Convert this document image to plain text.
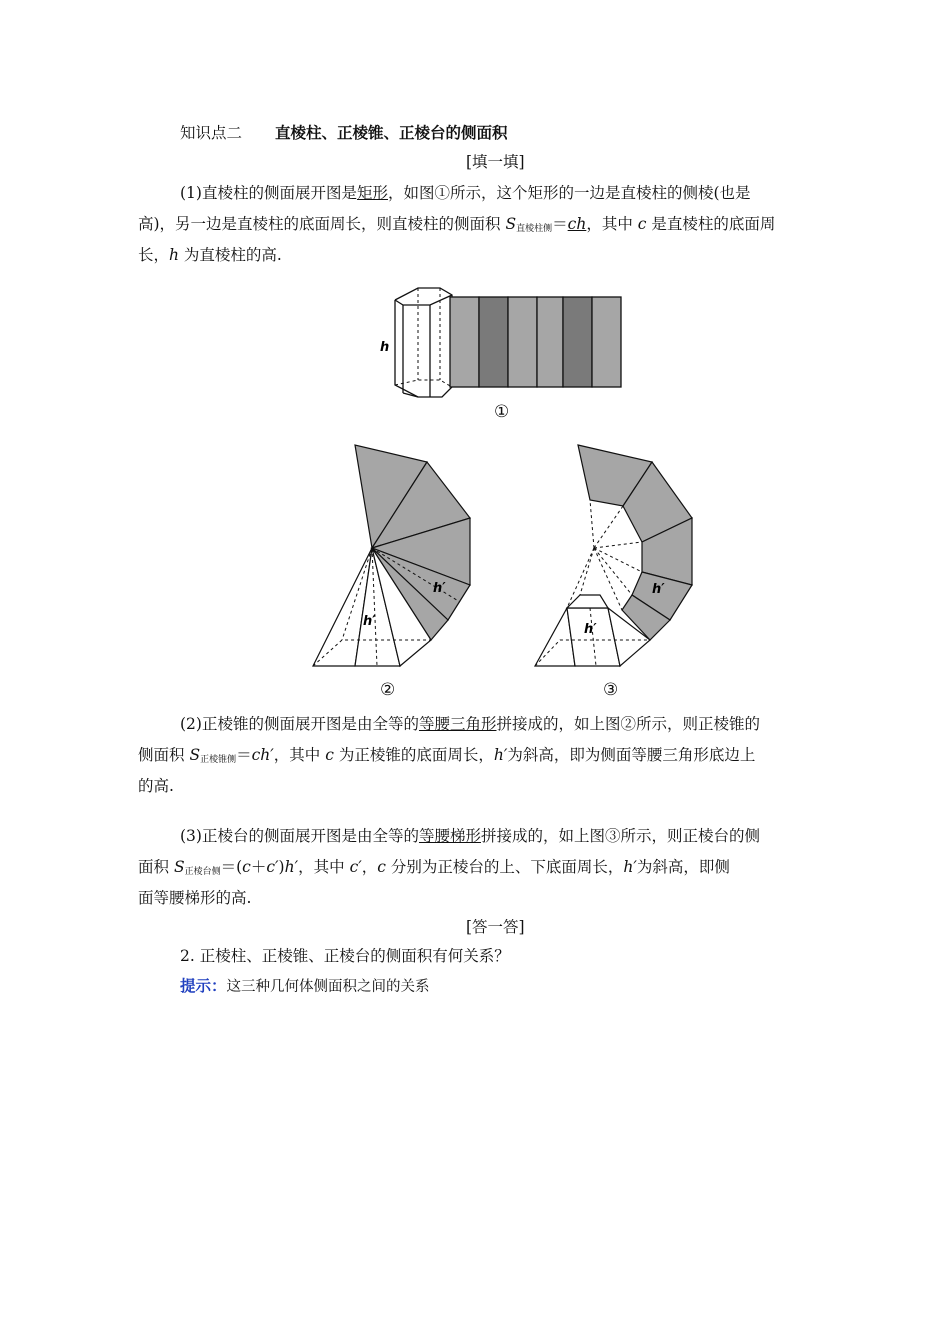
知识点二 直棱柱、正棱锥、正棱台的侧面积
[填一填]
(1)直棱柱的侧面展开图是矩形，如图①所示，这个矩形的一边是直棱柱的侧棱(也是
高)，另一边是直棱柱的底面周长，则直棱柱的侧面积 $S_{直棱柱侧}=ch$，其中 c 是直棱柱的底面周
长，h 为直棱柱的高.
h
①
h′
h′
②
h′
h′
③
(2)正棱锥的侧面展开图是由全等的等腰三角形拼接成的，如上图②所示，则正棱锥的
侧面积 $S_{正棱锥侧}=ch'$，其中 c 为正棱锥的底面周长，h′为斜高，即为侧面等腰三角形底边上
的高.
(3)正棱台的侧面展开图是由全等的等腰梯形拼接成的，如上图③所示，则正棱台的侧
面积 $S_{正棱台侧}=(c+c')h'$，其中 c′，c 分别为正棱台的上、下底面周长，h′为斜高，即侧
面等腰梯形的高.
[答一答]
2. 正棱柱、正棱锥、正棱台的侧面积有何关系？
提示：这三种几何体侧面积之间的关系
